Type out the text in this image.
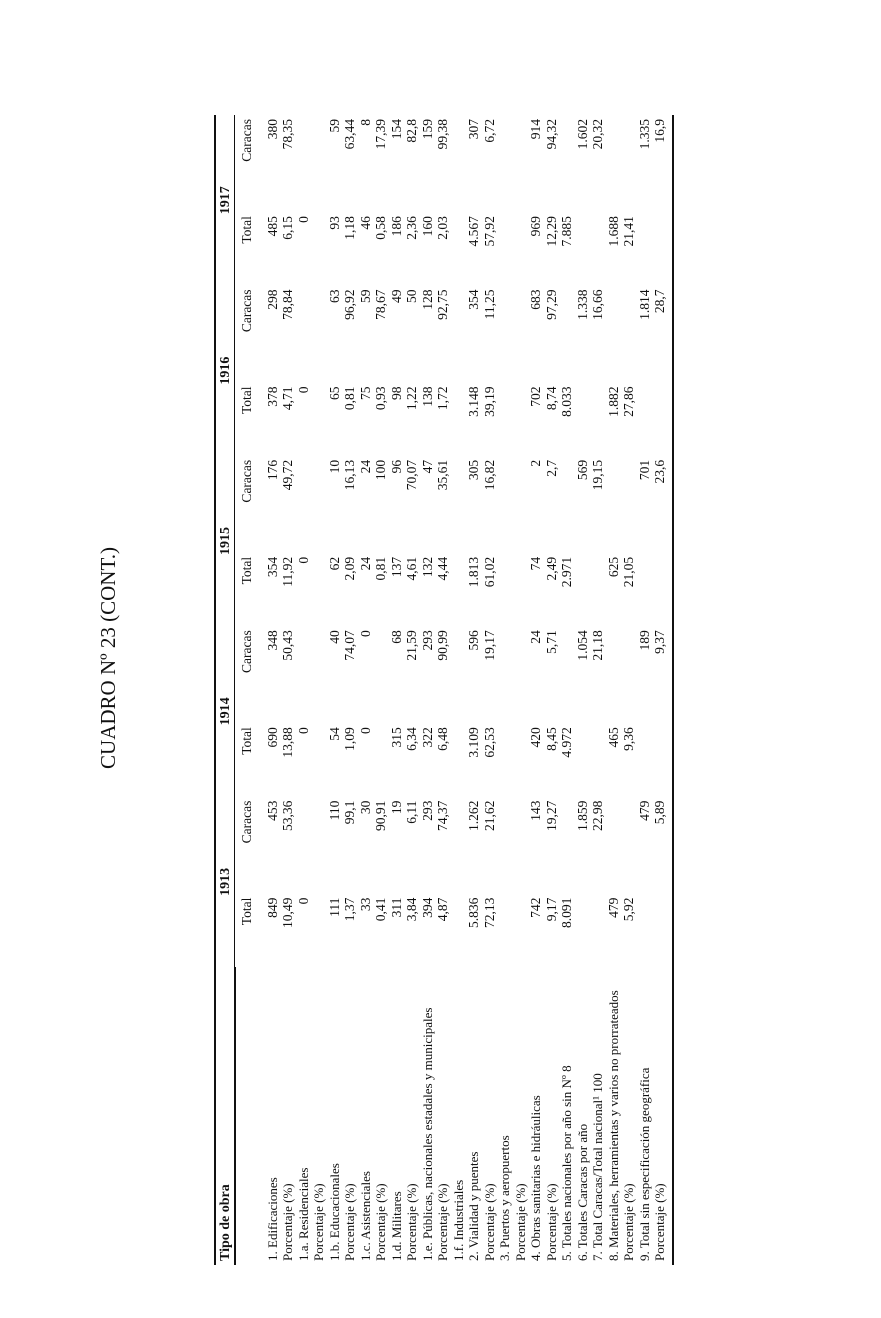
CUADRO Nº 23 (CONT.)
Tipo de obra	1913		1914		1915		1916		1917	
	Total	Caracas	Total	Caracas	Total	Caracas	Total	Caracas	Total	Caracas

1. Edificaciones	849	453	690	348	354	176	378	298	485	380
Porcentaje (%)	10,49	53,36	13,88	50,43	11,92	49,72	4,71	78,84	6,15	78,35
1.a. Residenciales	0		0		0		0		0	
Porcentaje (%)										
1.b. Educacionales	111	110	54	40	62	10	65	63	93	59
Porcentaje (%)	1,37	99,1	1,09	74,07	2,09	16,13	0,81	96,92	1,18	63,44
1.c. Asistenciales	33	30	0	0	24	24	75	59	46	8
Porcentaje (%)	0,41	90,91			0,81	100	0,93	78,67	0,58	17,39
1.d. Militares	311	19	315	68	137	96	98	49	186	154
Porcentaje (%)	3,84	6,11	6,34	21,59	4,61	70,07	1,22	50	2,36	82,8
1.e. Públicas, nacionales estadales y municipales	394	293	322	293	132	47	138	128	160	159
Porcentaje (%)	4,87	74,37	6,48	90,99	4,44	35,61	1,72	92,75	2,03	99,38
1.f. Industriales										
2. Vialidad y puentes	5.836	1.262	3.109	596	1.813	305	3.148	354	4.567	307
Porcentaje (%)	72,13	21,62	62,53	19,17	61,02	16,82	39,19	11,25	57,92	6,72
3. Puertos y aeropuertos										
Porcentaje (%)										
4. Obras sanitarias e hidráulicas	742	143	420	24	74	2	702	683	969	914
Porcentaje (%)	9,17	19,27	8,45	5,71	2,49	2,7	8,74	97,29	12,29	94,32
5. Totales nacionales por año sin Nº 8	8.091		4.972		2.971		8.033		7.885	
6. Totales Caracas por año		1.859		1.054		569		1.338		1.602
7. Total Caracas/Total nacional¹ 100		22,98		21,18		19,15		16,66		20,32
8. Materiales, herramientas y varios no prorrateados	479		465		625		1.882		1.688	
Porcentaje (%)	5,92		9,36		21,05		27,86		21,41	
9. Total sin especificación geográfica		479		189		701		1.814		1.335
Porcentaje (%)		5,89		9,37		23,6		28,7		16,9
